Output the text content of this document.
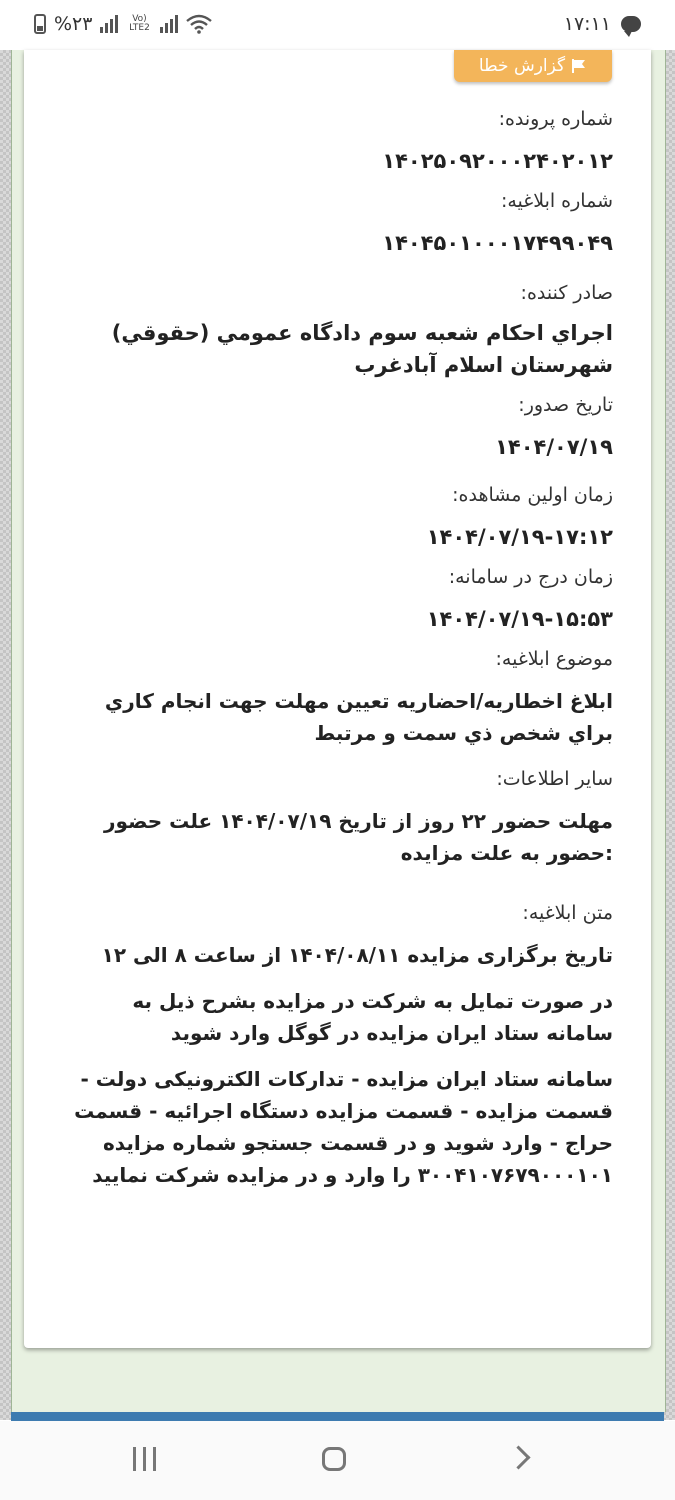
%۲۳	Vo) LTE2	۱۷:۱۱
گزارش خطا
شماره پرونده:
۱۴۰۲۵۰۹۲۰۰۰۲۴۰۲۰۱۲
شماره ابلاغیه:
۱۴۰۴۵۰۱۰۰۰۱۷۴۹۹۰۴۹
صادر کننده:
اجراي احکام شعبه سوم دادگاه عمومي (حقوقي) شهرستان اسلام آبادغرب
تاريخ صدور:
۱۴۰۴/۰۷/۱۹
زمان اولين مشاهده:
۱۴۰۴/۰۷/۱۹-۱۷:۱۲
زمان درج در سامانه:
۱۴۰۴/۰۷/۱۹-۱۵:۵۳
موضوع ابلاغيه:
ابلاغ اخطاريه/احضاريه تعيين مهلت جهت انجام کاري براي شخص ذي سمت و مرتبط
ساير اطلاعات:
مهلت حضور ۲۲ روز از تاریخ ۱۴۰۴/۰۷/۱۹ علت حضور :حضور به علت مزایده
متن ابلاغيه:
تاریخ برگزاری مزایده ۱۴۰۴/۰۸/۱۱ از ساعت ۸ الی ۱۲
در صورت تمایل به شرکت در مزایده بشرح ذیل به سامانه ستاد ایران مزایده در گوگل وارد شوید
سامانه ستاد ایران مزایده - تدارکات الکترونیکی دولت - قسمت مزایده - قسمت مزایده دستگاه اجرائیه - قسمت حراج - وارد شوید و در قسمت جستجو شماره مزایده ۳۰۰۴۱۰۷۶۷۹۰۰۰۱۰۱ را وارد و در مزایده شرکت نمایید
